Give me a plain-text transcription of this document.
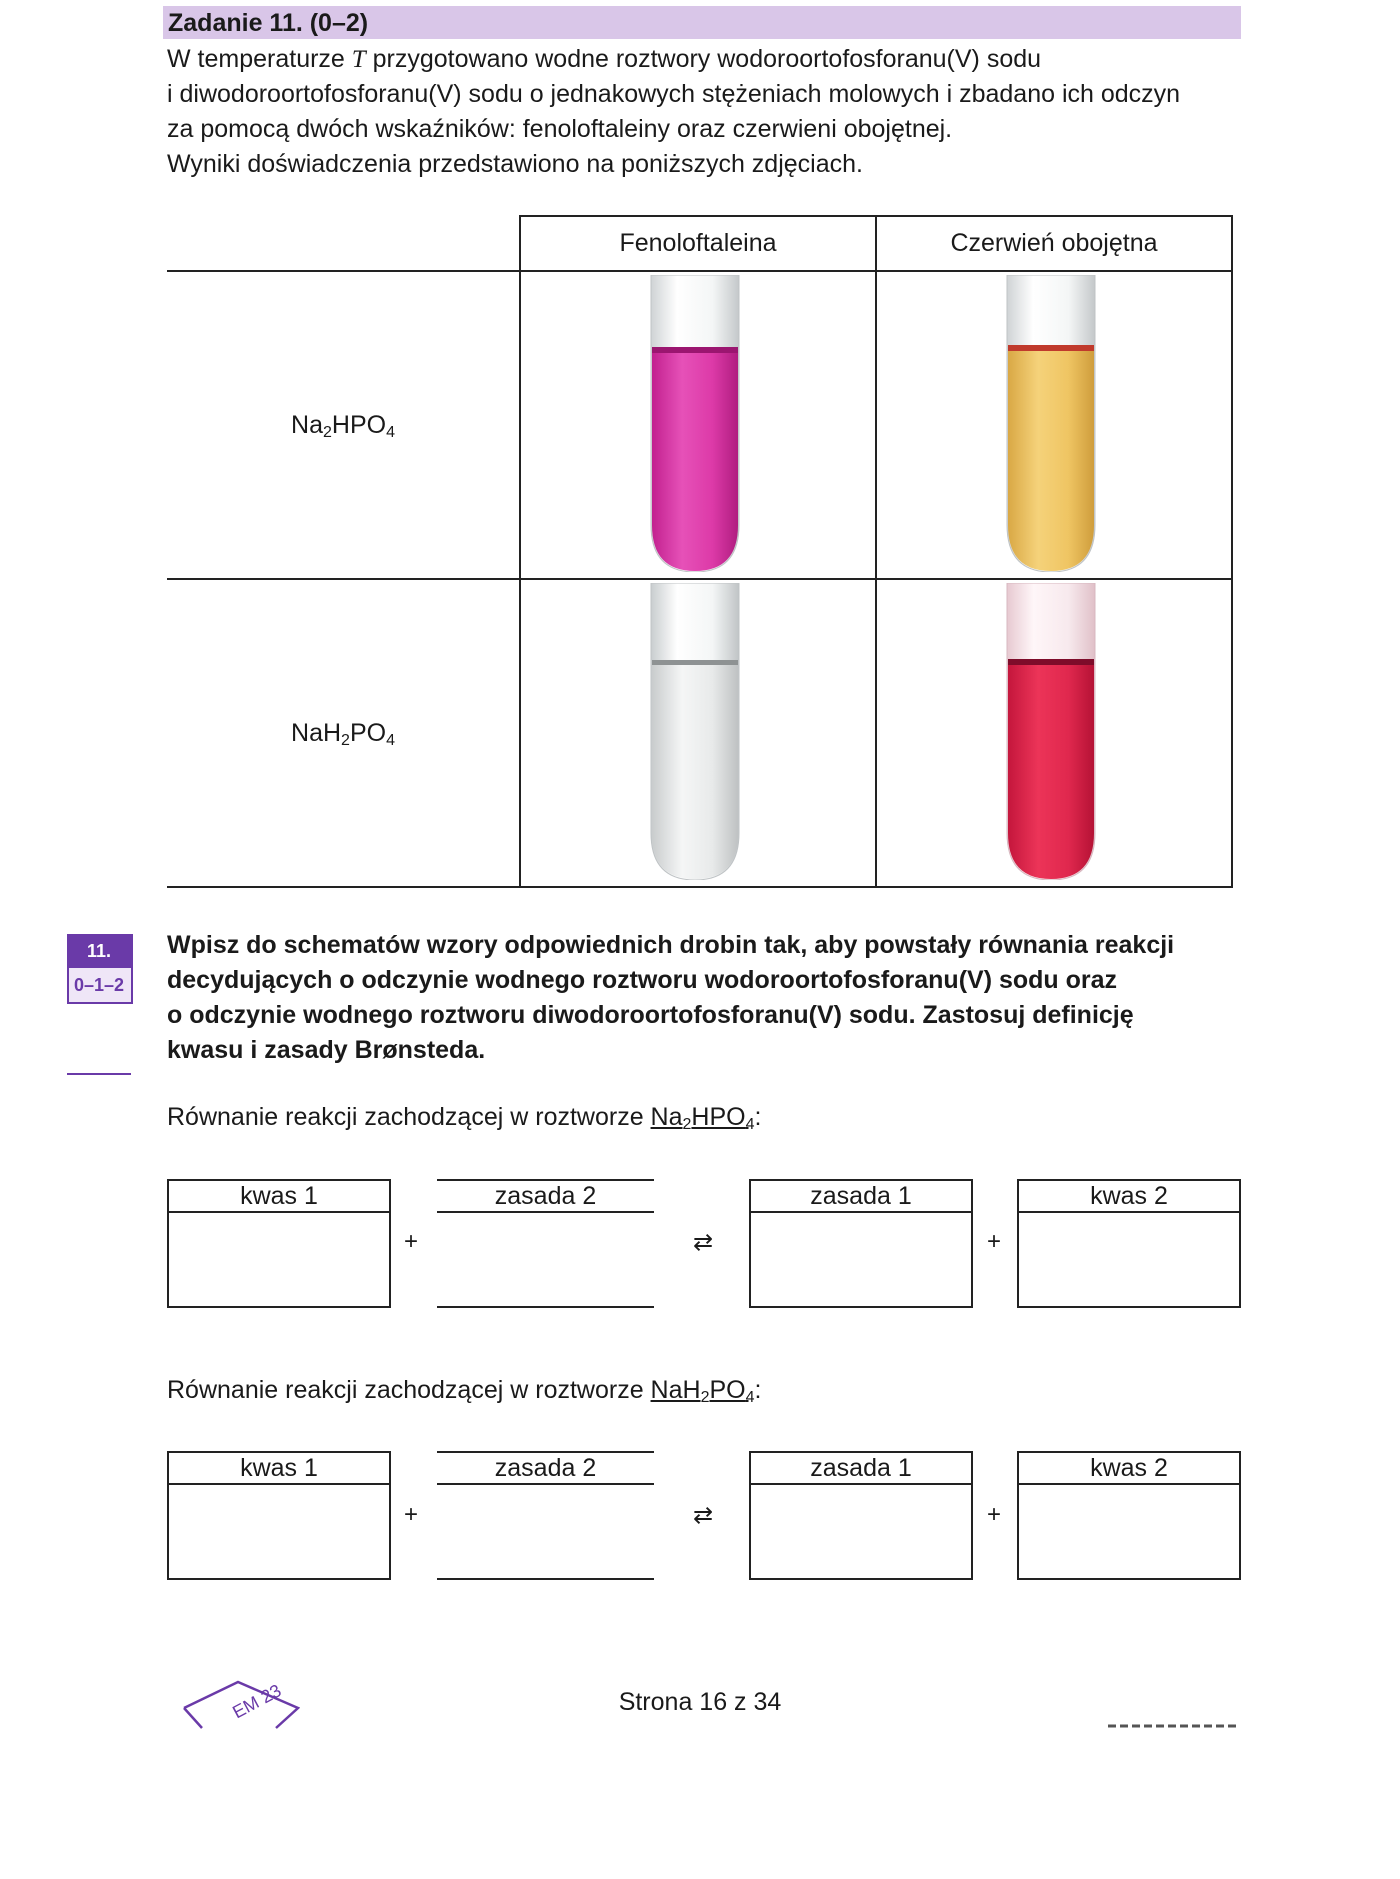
Zadanie 11. (0–2)

W temperaturze T przygotowano wodne roztwory wodoroortofosforanu(V) sodu

i diwodoroortofosforanu(V) sodu o jednakowych stężeniach molowych i zbadano ich odczyn

za pomocą dwóch wskaźników: fenoloftaleiny oraz czerwieni obojętnej.

Wyniki doświadczenia przedstawiono na poniższych zdjęciach.

	Fenoloftaleina	Czerwień obojętna
$Na_2HPO_4$	

$NaH_2PO_4$	

11.
0–1–2

Wpisz do schematów wzory odpowiednich drobin tak, aby powstały równania reakcji

decydujących o odczynie wodnego roztworu wodoroortofosforanu(V) sodu oraz

o odczynie wodnego roztworu diwodoroortofosforanu(V) sodu. Zastosuj definicję

kwasu i zasady Brønsteda.

Równanie reakcji zachodzącej w roztworze $Na_2HPO_4$:
kwas 1
+
zasada 2
⇄
zasada 1
+
kwas 2
Równanie reakcji zachodzącej w roztworze $NaH_2PO_4$:
kwas 1
+
zasada 2
⇄
zasada 1
+
kwas 2
EM 23	Strona 16 z 34
